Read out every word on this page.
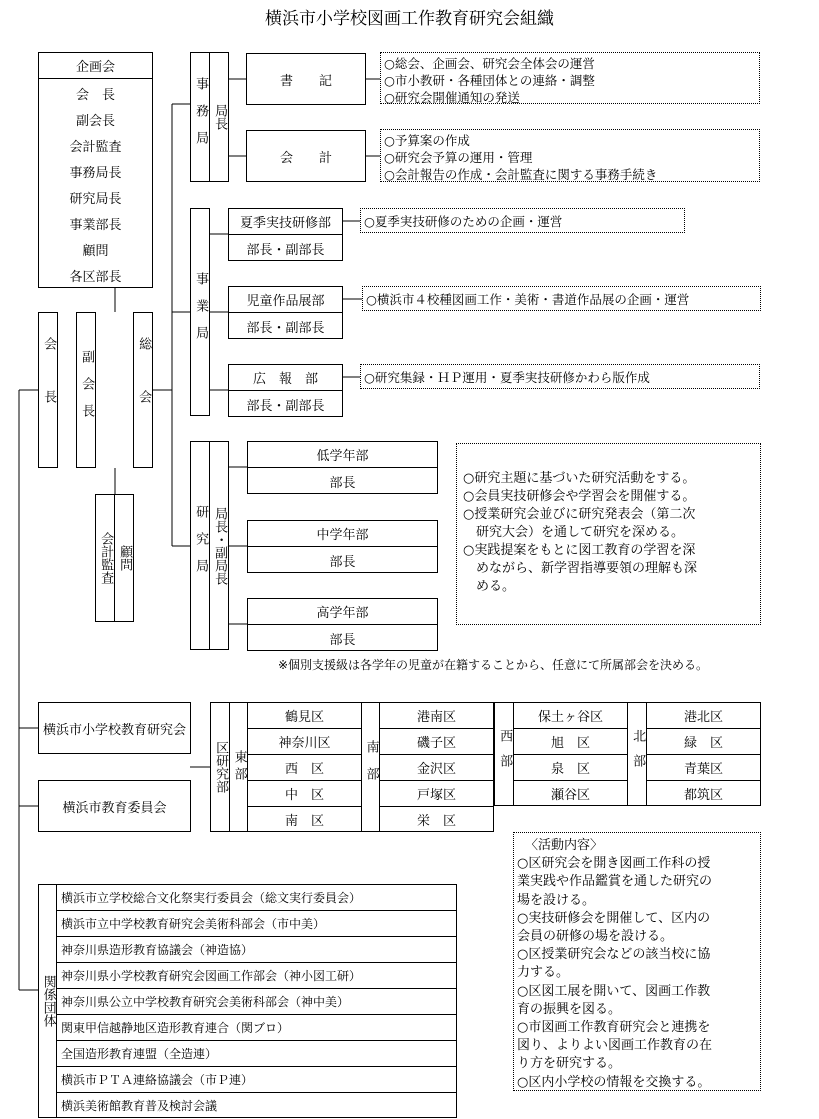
横浜市小学校図画工作教育研究会組織
企画会
会　長
副会長
会計監査
事務局長
研究局長
事業部長
顧問
各区部長
会長 副会長	総会
会計監査 顧問
事務局 局長
書　　記
会　　計
○総会、企画会、研究会全体会の運営
○市小教研・各種団体との連絡・調整
○研究会開催通知の発送
○予算案の作成
○研究会予算の運用・管理
○会計報告の作成・会計監査に関する事務手続き
事業局
夏季実技研修部
部長・副部長
児童作品展部
部長・副部長
広　報　部
部長・副部長
○夏季実技研修のための企画・運営
○横浜市４校種図画工作・美術・書道作品展の企画・運営
○研究集録・ＨＰ運用・夏季実技研修かわら版作成
研究局 局長・副局長
低学年部
部長
中学年部
部長
高学年部
部長
○研究主題に基づいた研究活動をする。
○会員実技研修会や学習会を開催する。
○授業研究会並びに研究発表会（第二次
　研究大会）を通して研究を深める。
○実践提案をもとに図工教育の学習を深
　めながら、新学習指導要領の理解も深
　める。
※個別支援級は各学年の児童が在籍することから、任意にて所属部会を決める。
横浜市小学校教育研究会
横浜市教育委員会
区研究部 東部
鶴見区
神奈川区
西　区
中　区
南　区
南部
港南区
磯子区
金沢区
戸塚区
栄　区
西部
保土ヶ谷区
旭　区
泉　区
瀬谷区
北部
港北区
緑　区
青葉区
都筑区
〈活動内容〉
○区研究会を開き図画工作科の授
業実践や作品鑑賞を通した研究の
場を設ける。
○実技研修会を開催して、区内の
会員の研修の場を設ける。
○区授業研究会などの該当校に協
力する。
○区図工展を開いて、図画工作教
育の振興を図る。
○市図画工作教育研究会と連携を
図り、よりよい図画工作教育の在
り方を研究する。
○区内小学校の情報を交換する。
関係団体
横浜市立学校総合文化祭実行委員会（総文実行委員会）
横浜市立中学校教育研究会美術科部会（市中美）
神奈川県造形教育協議会（神造協）
神奈川県小学校教育研究会図画工作部会（神小図工研）
神奈川県公立中学校教育研究会美術科部会（神中美）
関東甲信越静地区造形教育連合（関ブロ）
全国造形教育連盟（全造連）
横浜市ＰＴＡ連絡協議会（市Ｐ連）
横浜美術館教育普及検討会議
